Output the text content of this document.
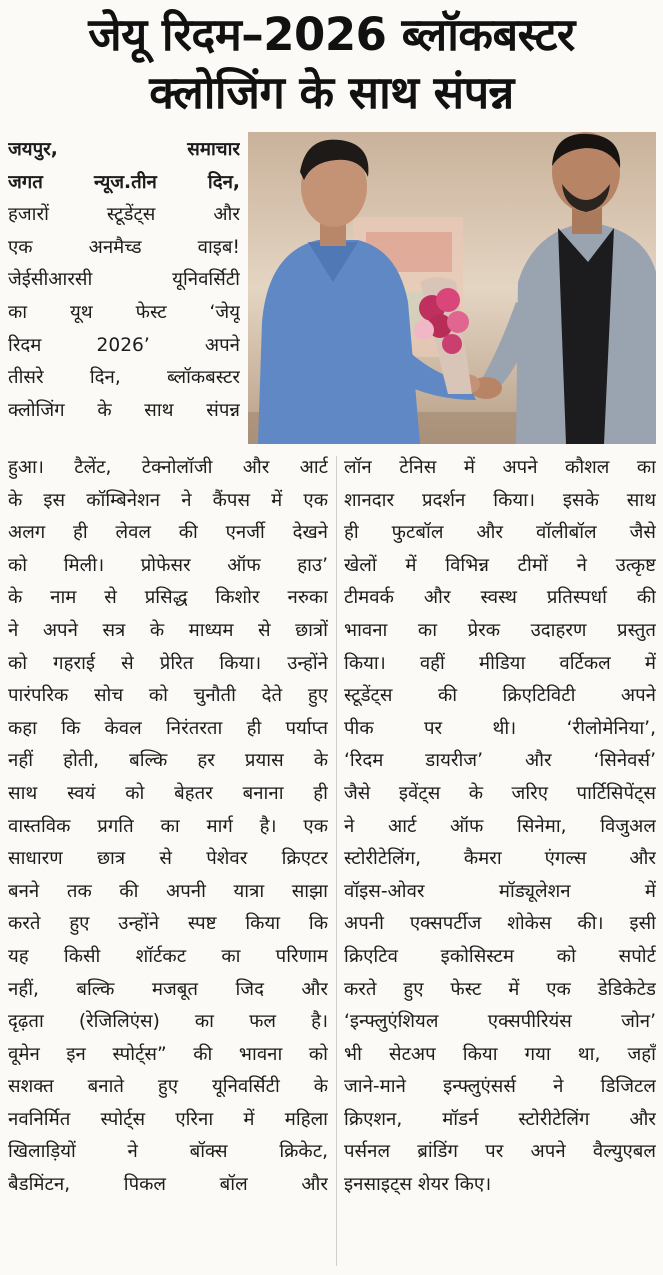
जेयू रिदम–2026 ब्लॉकबस्टर
क्लोजिंग के साथ संपन्न
जयपुर, समाचार
जगत न्यूज.तीन दिन,
हजारों स्टूडेंट्स और
एक अनमैच्ड वाइब!
जेईसीआरसी यूनिवर्सिटी
का यूथ फेस्ट ‘जेयू
रिदम 2026’ अपने
तीसरे दिन, ब्लॉकबस्टर
क्लोजिंग के साथ संपन्न
हुआ। टैलेंट, टेक्नोलॉजी और आर्ट
के इस कॉम्बिनेशन ने कैंपस में एक
अलग ही लेवल की एनर्जी देखने
को मिली। प्रोफेसर ऑफ हाउ’
के नाम से प्रसिद्ध किशोर नरुका
ने अपने सत्र के माध्यम से छात्रों
को गहराई से प्रेरित किया। उन्होंने
पारंपरिक सोच को चुनौती देते हुए
कहा कि केवल निरंतरता ही पर्याप्त
नहीं होती, बल्कि हर प्रयास के
साथ स्वयं को बेहतर बनाना ही
वास्तविक प्रगति का मार्ग है। एक
साधारण छात्र से पेशेवर क्रिएटर
बनने तक की अपनी यात्रा साझा
करते हुए उन्होंने स्पष्ट किया कि
यह किसी शॉर्टकट का परिणाम
नहीं, बल्कि मजबूत जिद और
दृढ़ता (रेजिलिएंस) का फल है।
वूमेन इन स्पोर्ट्स” की भावना को
सशक्त बनाते हुए यूनिवर्सिटी के
नवनिर्मित स्पोर्ट्स एरिना में महिला
खिलाड़ियों ने बॉक्स क्रिकेट,
बैडमिंटन, पिकल बॉल और
लॉन टेनिस में अपने कौशल का
शानदार प्रदर्शन किया। इसके साथ
ही फुटबॉल और वॉलीबॉल जैसे
खेलों में विभिन्न टीमों ने उत्कृष्ट
टीमवर्क और स्वस्थ प्रतिस्पर्धा की
भावना का प्रेरक उदाहरण प्रस्तुत
किया। वहीं मीडिया वर्टिकल में
स्टूडेंट्स की क्रिएटिविटी अपने
पीक पर थी। ‘रीलोमेनिया’,
‘रिदम डायरीज’ और ‘सिनेवर्स’
जैसे इवेंट्स के जरिए पार्टिसिपेंट्स
ने आर्ट ऑफ सिनेमा, विजुअल
स्टोरीटेलिंग, कैमरा एंगल्स और
वॉइस-ओवर मॉड्यूलेशन में
अपनी एक्सपर्टीज शोकेस की। इसी
क्रिएटिव इकोसिस्टम को सपोर्ट
करते हुए फेस्ट में एक डेडिकेटेड
‘इन्फ्लुएंशियल एक्सपीरियंस जोन’
भी सेटअप किया गया था, जहाँ
जाने-माने इन्फ्लुएंसर्स ने डिजिटल
क्रिएशन, मॉडर्न स्टोरीटेलिंग और
पर्सनल ब्रांडिंग पर अपने वैल्युएबल
इनसाइट्स शेयर किए।
